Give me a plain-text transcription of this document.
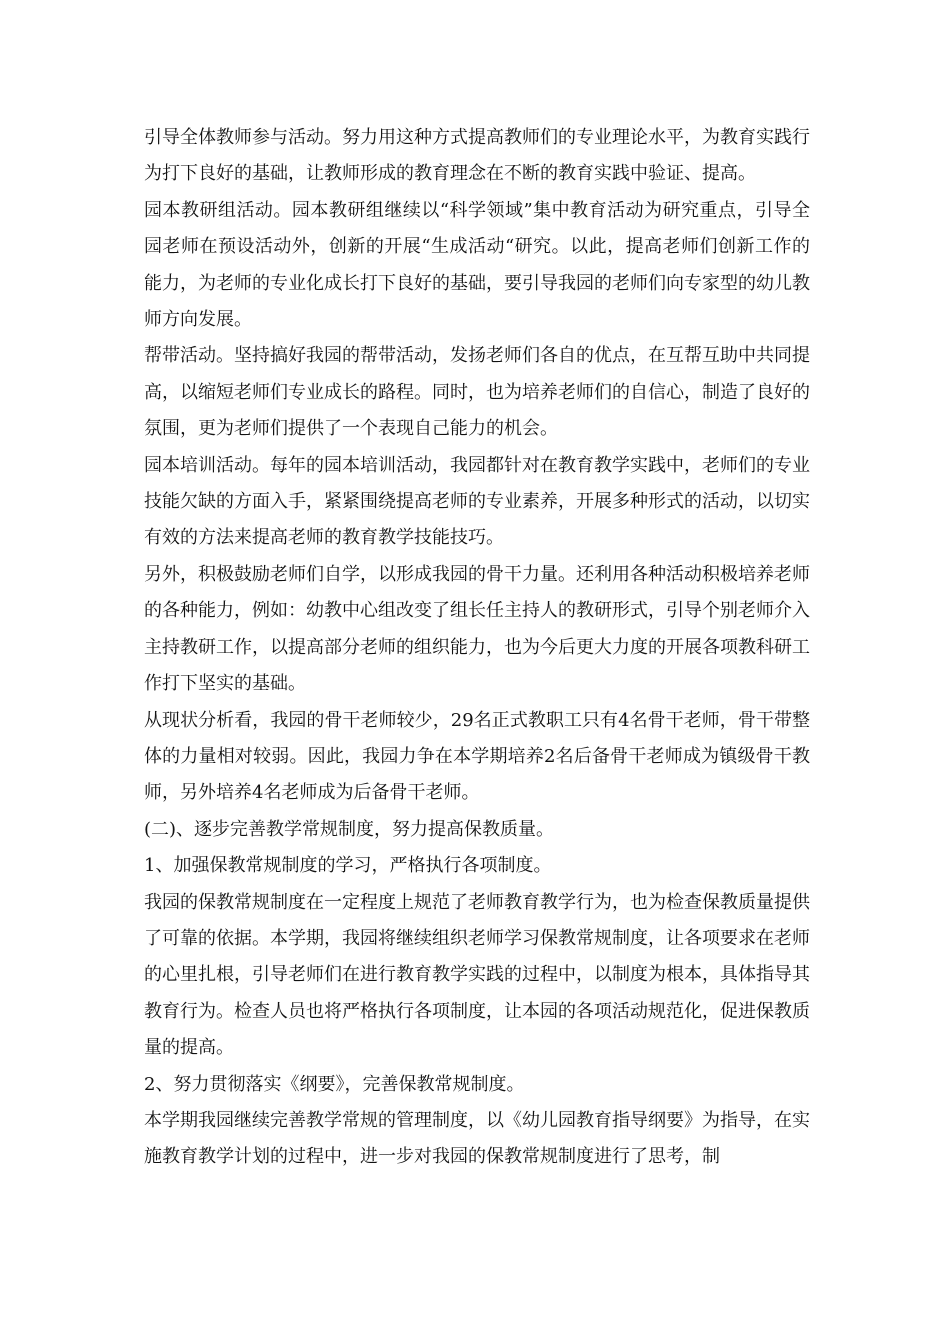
引导全体教师参与活动。努力用这种方式提高教师们的专业理论水平，为教育实践行为打下良好的基础，让教师形成的教育理念在不断的教育实践中验证、提高。

园本教研组活动。园本教研组继续以“科学领域”集中教育活动为研究重点，引导全园老师在预设活动外，创新的开展“生成活动“研究。以此，提高老师们创新工作的能力，为老师的专业化成长打下良好的基础，要引导我园的老师们向专家型的幼儿教师方向发展。

帮带活动。坚持搞好我园的帮带活动，发扬老师们各自的优点，在互帮互助中共同提高，以缩短老师们专业成长的路程。同时，也为培养老师们的自信心，制造了良好的氛围，更为老师们提供了一个表现自己能力的机会。

园本培训活动。每年的园本培训活动，我园都针对在教育教学实践中，老师们的专业技能欠缺的方面入手，紧紧围绕提高老师的专业素养，开展多种形式的活动，以切实有效的方法来提高老师的教育教学技能技巧。

另外，积极鼓励老师们自学，以形成我园的骨干力量。还利用各种活动积极培养老师的各种能力，例如：幼教中心组改变了组长任主持人的教研形式，引导个别老师介入主持教研工作，以提高部分老师的组织能力，也为今后更大力度的开展各项教科研工作打下坚实的基础。

从现状分析看，我园的骨干老师较少，29名正式教职工只有4名骨干老师，骨干带整体的力量相对较弱。因此，我园力争在本学期培养2名后备骨干老师成为镇级骨干教师，另外培养4名老师成为后备骨干老师。

(二)、逐步完善教学常规制度，努力提高保教质量。

1、加强保教常规制度的学习，严格执行各项制度。

我园的保教常规制度在一定程度上规范了老师教育教学行为，也为检查保教质量提供了可靠的依据。本学期，我园将继续组织老师学习保教常规制度，让各项要求在老师的心里扎根，引导老师们在进行教育教学实践的过程中，以制度为根本，具体指导其教育行为。检查人员也将严格执行各项制度，让本园的各项活动规范化，促进保教质量的提高。

2、努力贯彻落实《纲要》，完善保教常规制度。

本学期我园继续完善教学常规的管理制度，以《幼儿园教育指导纲要》为指导，在实施教育教学计划的过程中，进一步对我园的保教常规制度进行了思考，制
